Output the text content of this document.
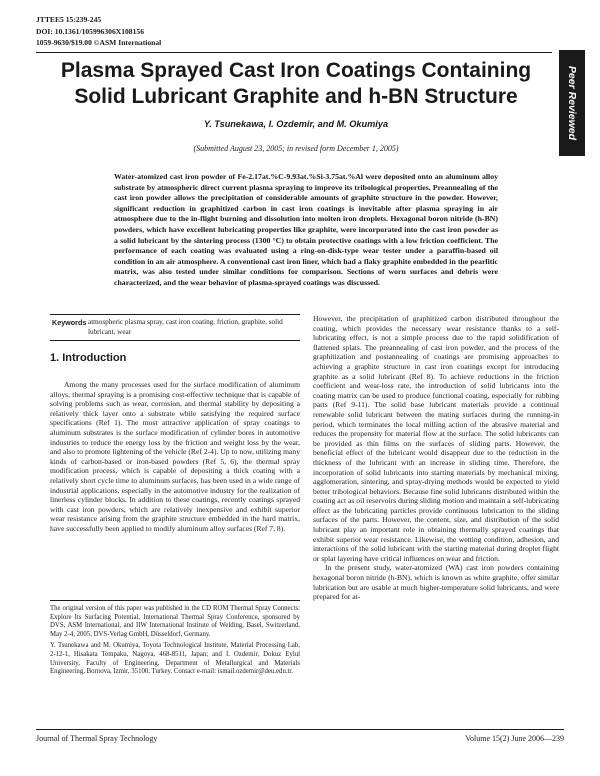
JTTEE5 15:239-245
DOI: 10.1361/105996306X108156
1059-9630/$19.00 ©ASM International
Peer Reviewed
Plasma Sprayed Cast Iron Coatings Containing
Solid Lubricant Graphite and h-BN Structure
Y. Tsunekawa, I. Ozdemir, and M. Okumiya
(Submitted August 23, 2005; in revised form December 1, 2005)
Water-atomized cast iron powder of Fe-2.17at.%C-9.93at.%Si-3.75at.%Al were deposited onto an aluminum alloy substrate by atmospheric direct current plasma spraying to improve its tribological properties. Preannealing of the cast iron powder allows the precipitation of considerable amounts of graphite structure in the powder. However, significant reduction in graphitized carbon in cast iron coatings is inevitable after plasma spraying in air atmosphere due to the in-flight burning and dissolution into molten iron droplets. Hexagonal boron nitride (h-BN) powders, which have excellent lubricating properties like graphite, were incorporated into the cast iron powder as a solid lubricant by the sintering process (1300 °C) to obtain protective coatings with a low friction coefficient. The performance of each coating was evaluated using a ring-on-disk-type wear tester under a paraffin-based oil condition in an air atmosphere. A conventional cast iron liner, which had a flaky graphite embedded in the pearlitic matrix, was also tested under similar conditions for comparison. Sections of worn surfaces and debris were characterized, and the wear behavior of plasma-sprayed coatings was discussed.
Keywords atmospheric plasma spray, cast iron coating, friction, graphite, solid lubricant, wear
1. Introduction

Among the many processes used for the surface modification of aluminum alloys, thermal spraying is a promising cost-effective technique that is capable of solving problems such as wear, corrosion, and thermal stability by depositing a relatively thick layer onto a substrate while satisfying the required surface specifications (Ref 1). The most attractive application of spray coatings to aluminum substrates is the surface modification of cylinder bores in automotive industries to reduce the energy loss by the friction and weight loss by the wear, and also to promote lightening of the vehicle (Ref 2-4). Up to now, utilizing many kinds of carbon-based or iron-based powders (Ref 5, 6), the thermal spray modification process, which is capable of depositing a thick coating with a relatively short cycle time to aluminum surfaces, has been used in a wide range of industrial applications, especially in the automotive industry for the realization of linerless cylinder blocks. In addition to these coatings, recently coatings sprayed with cast iron powders, which are relatively inexpensive and exhibit superior wear resistance arising from the graphite structure embedded in the hard matrix, have successfully been applied to modify aluminum alloy surfaces (Ref 7, 8).

The original version of this paper was published in the CD ROM Thermal Spray Connects: Explore Its Surfacing Potential, International Thermal Spray Conference, sponsored by DVS, ASM International, and IIW International Institute of Welding, Basel, Switzerland, May 2-4, 2005, DVS-Verlag GmbH, Düsseldorf, Germany.

Y. Tsunekawa and M. Okumiya, Toyota Technological Institute, Material Processing Lab, 2-12-1, Hisakata Tempaku, Nagoya, 468-8511, Japan; and I. Ozdemir, Dokuz Eylul University, Faculty of Engineering, Department of Metallurgical and Materials Engineering, Bornova, Izmir, 35100, Turkey. Contact e-mail: ismail.ozdemir@deu.edu.tr.

However, the precipitation of graphitized carbon distributed throughout the coating, which provides the necessary wear resistance thanks to a self-lubricating effect, is not a simple process due to the rapid solidification of flattened splats. The preannealing of cast iron powder, and the process of the graphitization and postannealing of coatings are promising approaches to achieving a graphite structure in cast iron coatings except for introducing graphite as a solid lubricant (Ref 8). To achieve reductions in the friction coefficient and wear-loss rate, the introduction of solid lubricants into the coating matrix can be used to produce functional coating, especially for rubbing parts (Ref 9-11). The solid base lubricant materials provide a continual renewable solid lubricant between the mating surfaces during the running-in period, which terminates the local milling action of the abrasive material and reduces the propensity for material flow at the surface. The solid lubricants can be provided as thin films on the surfaces of sliding parts. However, the beneficial effect of the lubricant would disappear due to the reduction in the thickness of the lubricant with an increase in sliding time. Therefore, the incorporation of solid lubricants into starting materials by mechanical mixing, agglomeration, sintering, and spray-drying methods would be expected to yield better tribological behaviors. Because fine solid lubricants distributed within the coating act as oil reservoirs during sliding motion and maintain a self-lubricating effect as the lubricating particles provide continuous lubrication to the sliding surfaces of the parts. However, the content, size, and distribution of the solid lubricant play an important role in obtaining thermally sprayed coatings that exhibit superior wear resistance. Likewise, the wetting condition, adhesion, and interactions of the solid lubricant with the starting material during droplet flight or splat layering have critical influences on wear and friction.

In the present study, water-atomized (WA) cast iron powders containing hexagonal boron nitride (h-BN), which is known as white graphite, offer similar lubrication but are usable at much higher-temperature solid lubricants, and were prepared for at-

Journal of Thermal Spray Technology	Volume 15(2) June 2006—239
